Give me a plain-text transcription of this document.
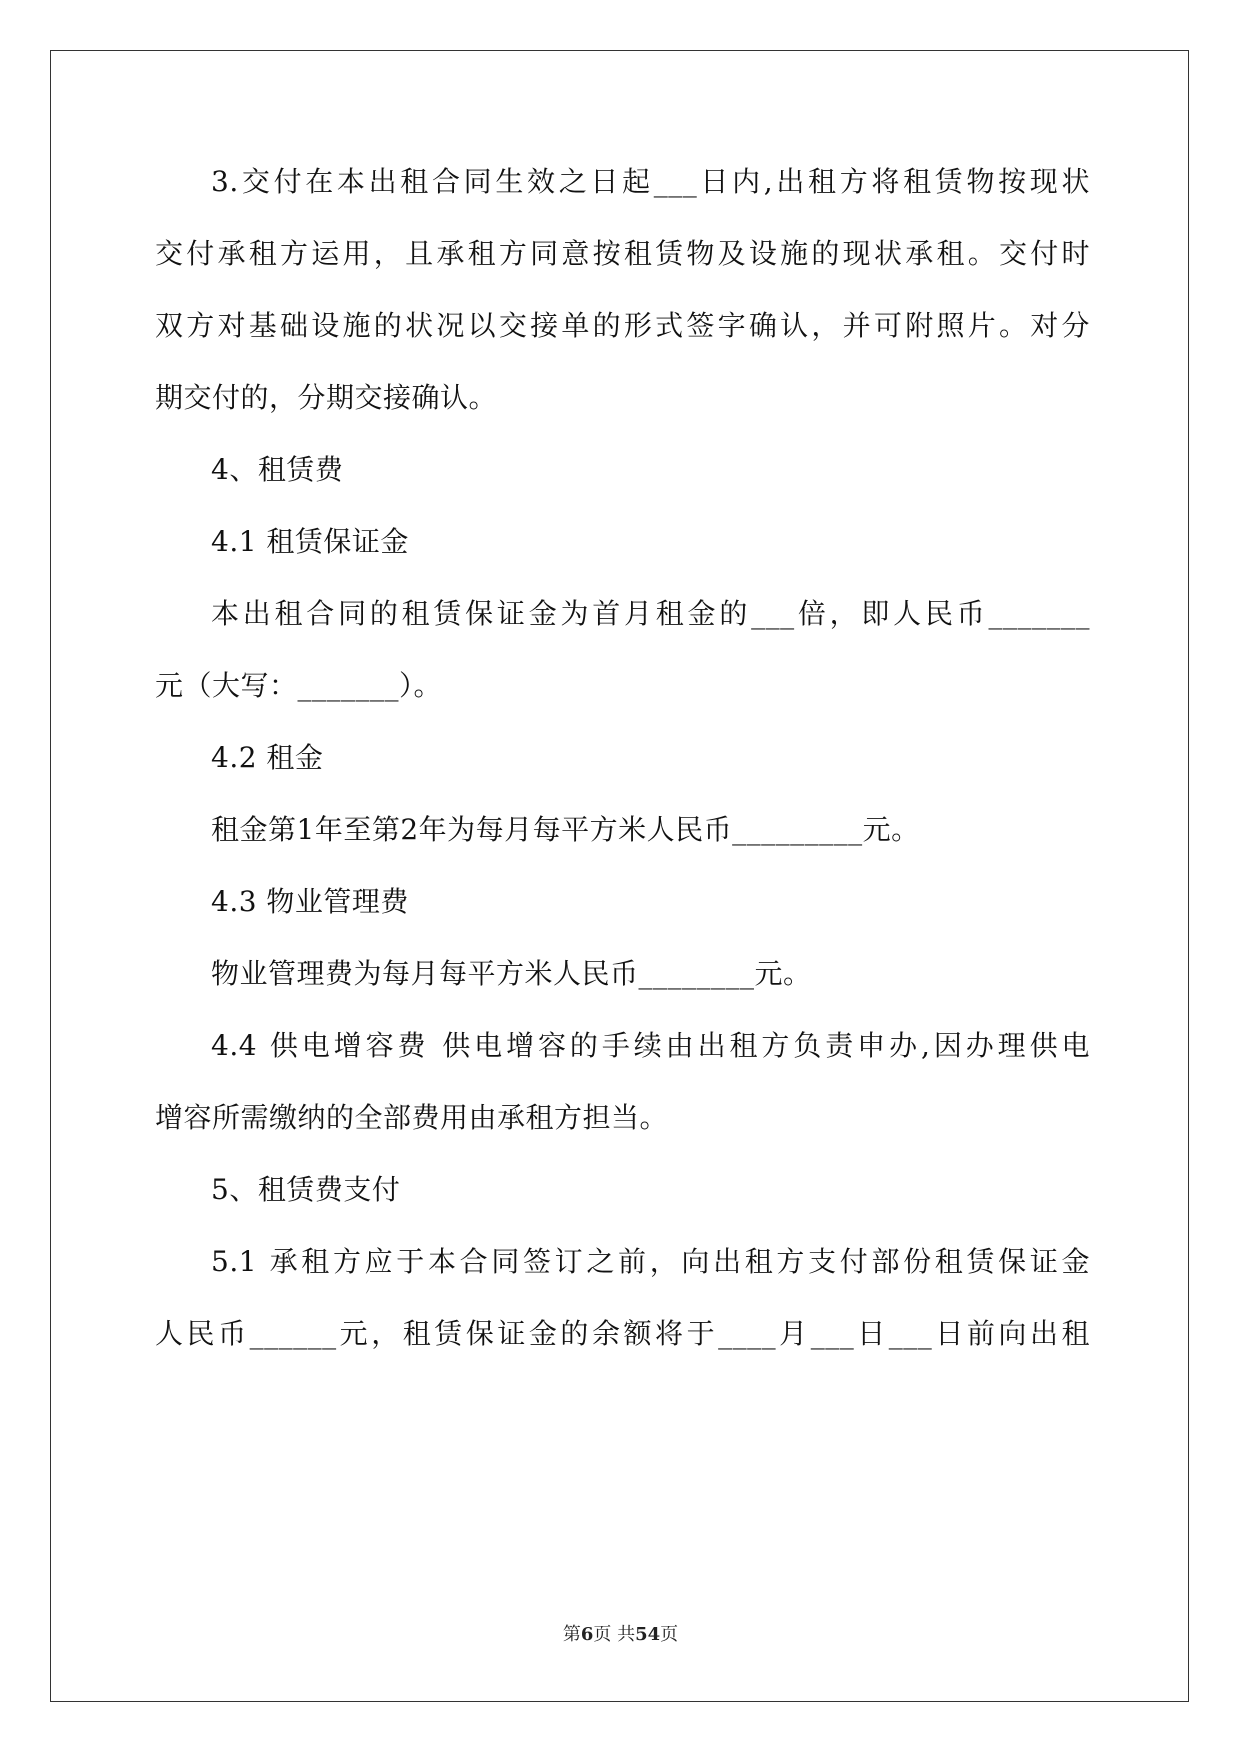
3.交付在本出租合同生效之日起___日内,出租方将租赁物按现状
交付承租方运用，且承租方同意按租赁物及设施的现状承租。交付时
双方对基础设施的状况以交接单的形式签字确认，并可附照片。对分
期交付的，分期交接确认。
4、租赁费
4.1 租赁保证金
本出租合同的租赁保证金为首月租金的___倍，即人民币_______
元（大写：_______）。
4.2 租金
租金第1年至第2年为每月每平方米人民币_________元。
4.3 物业管理费
物业管理费为每月每平方米人民币________元。
4.4 供电增容费 供电增容的手续由出租方负责申办,因办理供电
增容所需缴纳的全部费用由承租方担当。
5、租赁费支付
5.1 承租方应于本合同签订之前，向出租方支付部份租赁保证金
人民币______元，租赁保证金的余额将于____月___日___日前向出租
第6页 共54页
